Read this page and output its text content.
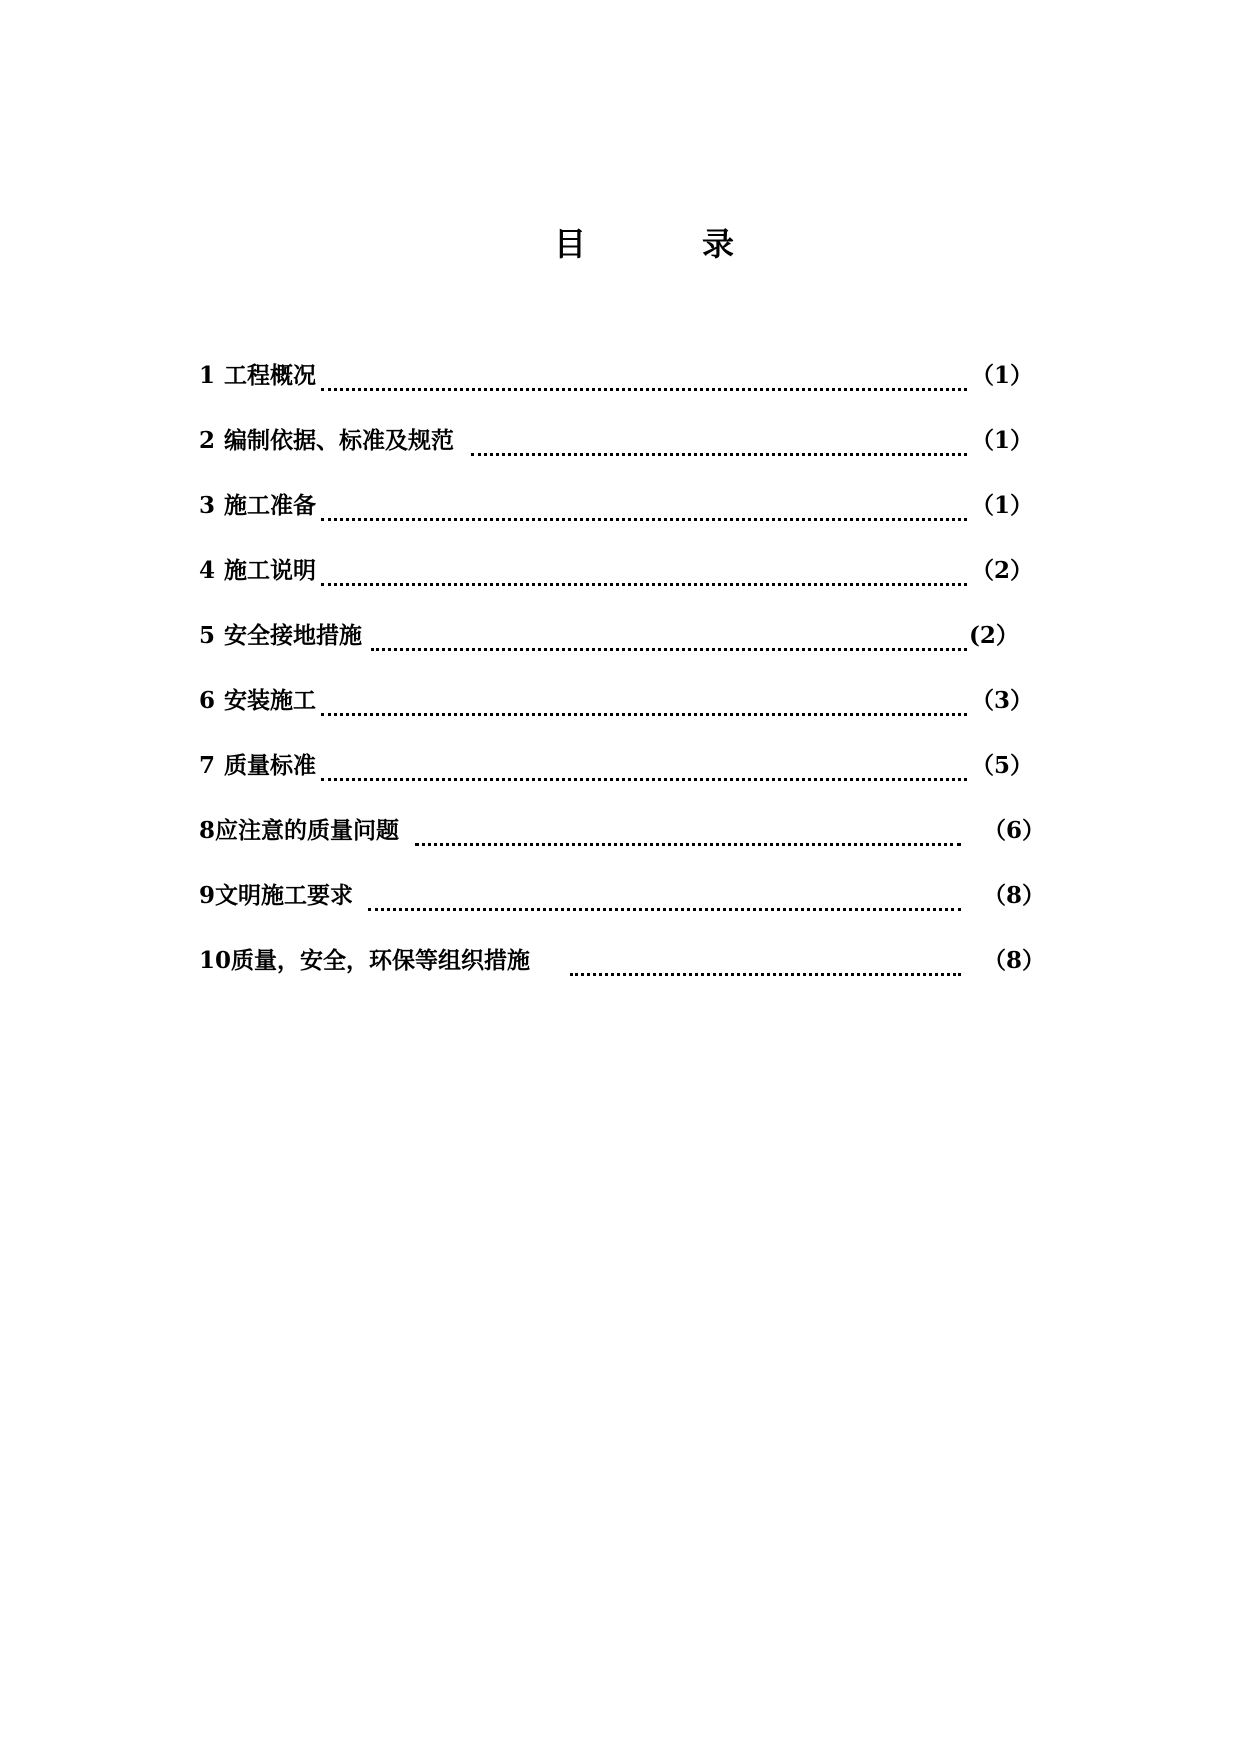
目	录
1 工程概况	（1）
2 编制依据、标准及规范	（1）
3 施工准备	（1）
4 施工说明	（2）
5 安全接地措施	(2）
6 安装施工	（3）
7 质量标准	（5）
8应注意的质量问题	（6）
9文明施工要求	（8）
10质量，安全，环保等组织措施	（8）
